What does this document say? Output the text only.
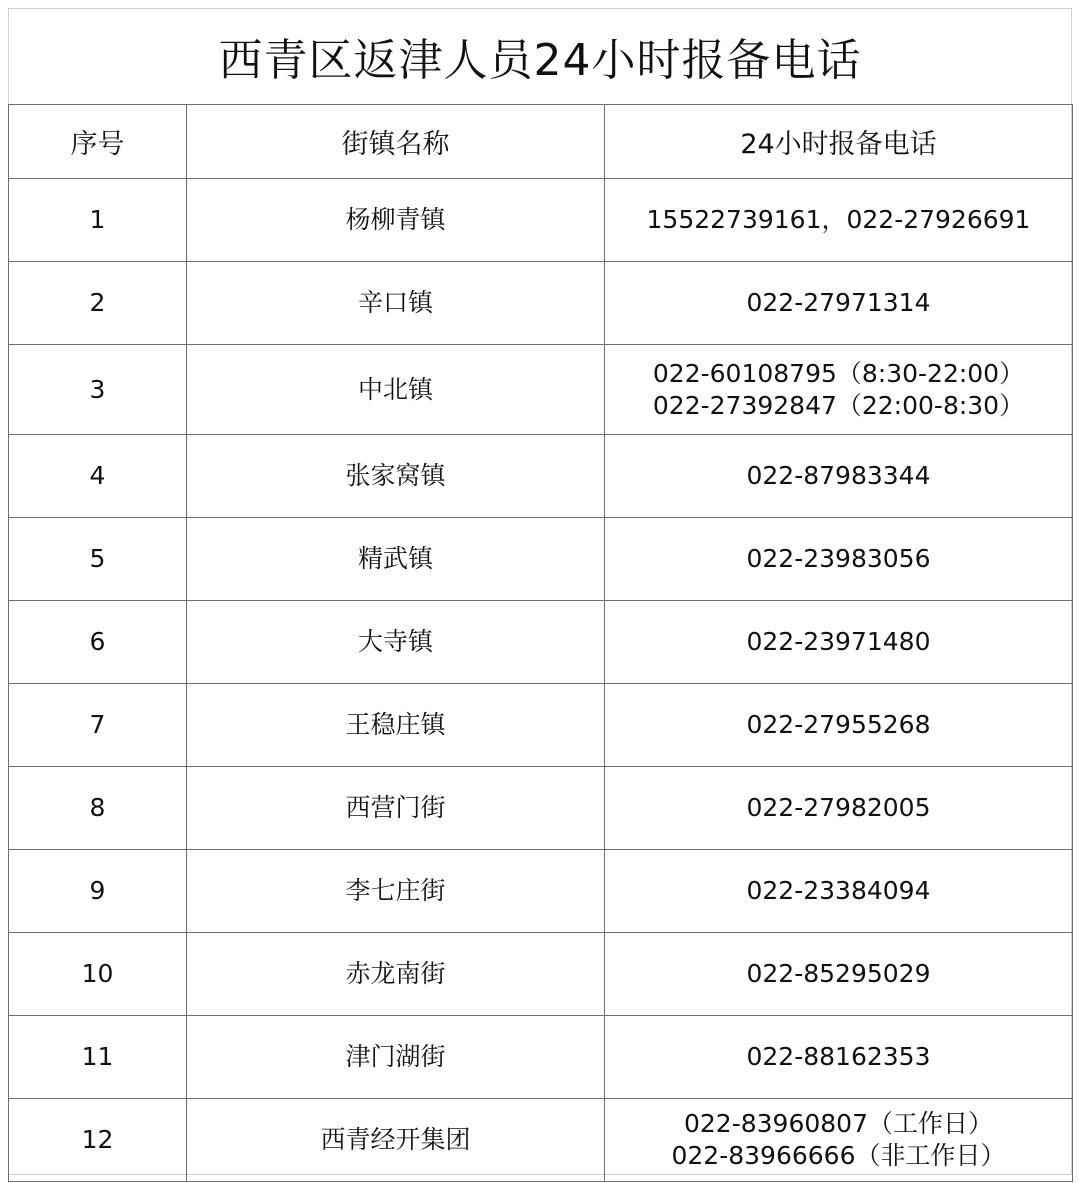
西青区返津人员24小时报备电话
序号	街镇名称	24小时报备电话
1	杨柳青镇	15522739161，022-27926691

2	辛口镇	022-27971314

3	中北镇	022-60108795（8:30-22:00）
022-27392847（22:00-8:30）

4	张家窝镇	022-87983344

5	精武镇	022-23983056

6	大寺镇	022-23971480

7	王稳庄镇	022-27955268

8	西营门街	022-27982005

9	李七庄街	022-23384094

10	赤龙南街	022-85295029

11	津门湖街	022-88162353

12	西青经开集团	022-83960807（工作日）
022-83966666（非工作日）
